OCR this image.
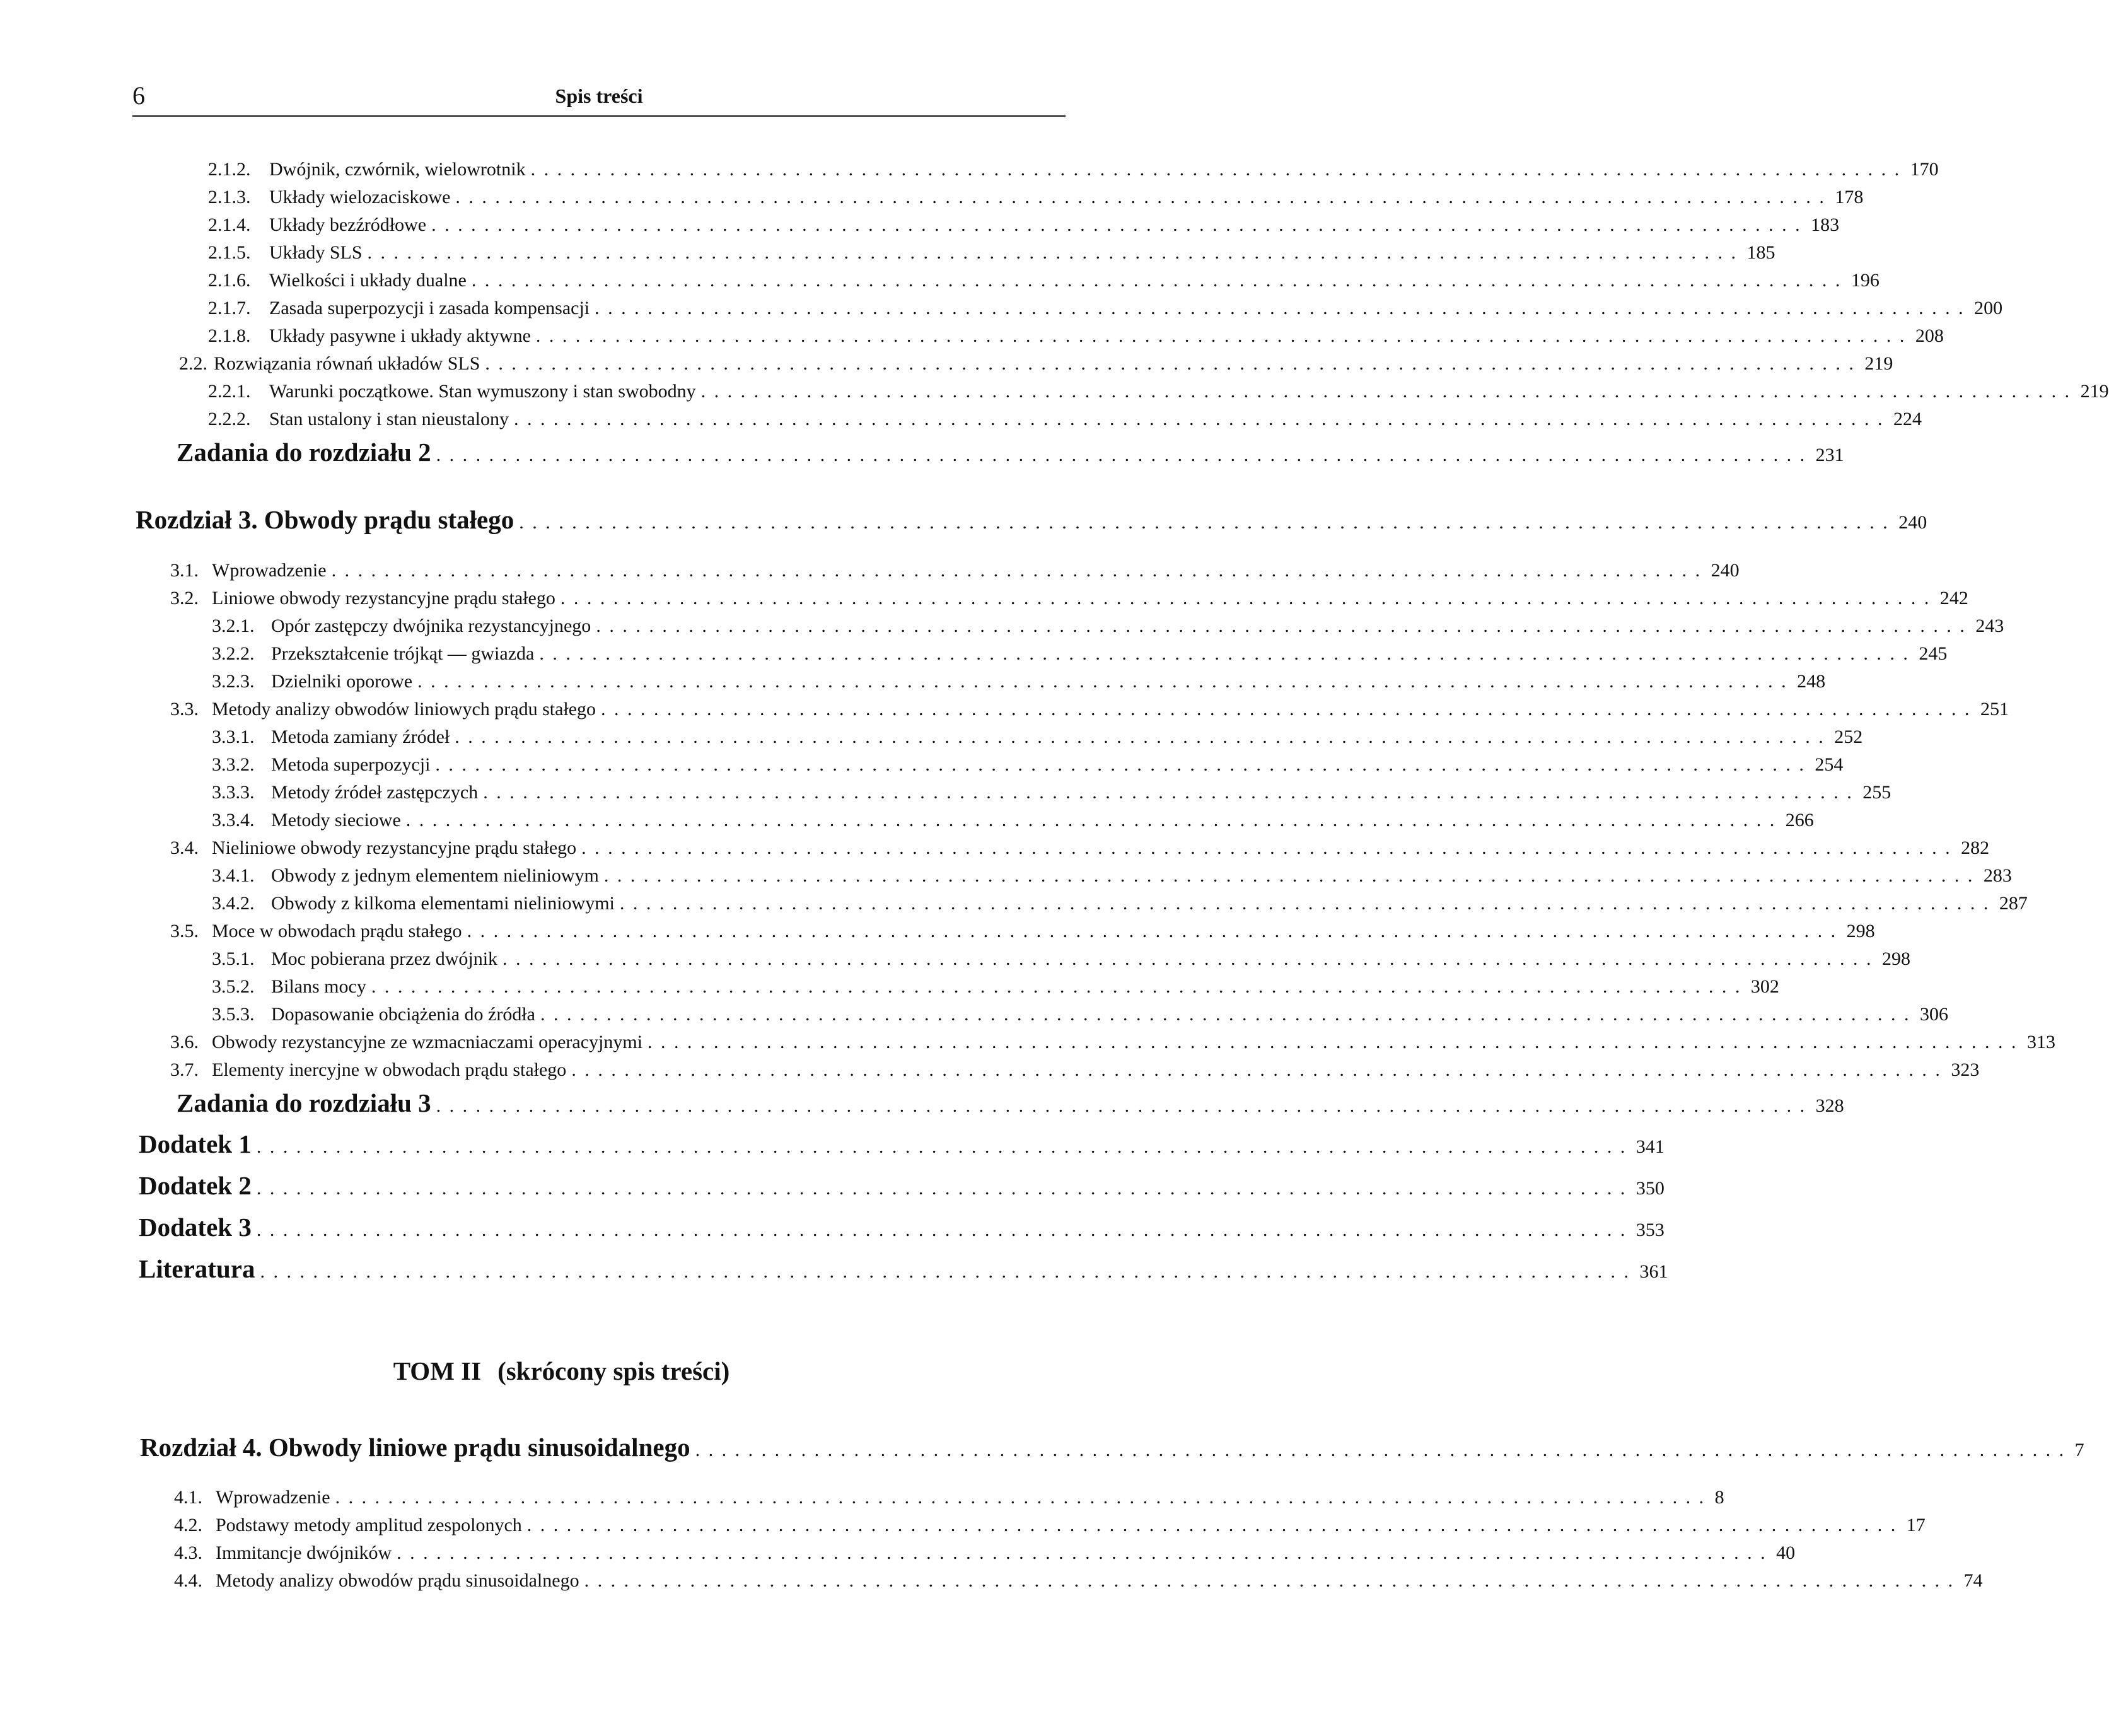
6	Spis treści
2.1.2. Dwójnik, czwórnik, wielowrotnik ........................................................................................................ 170
2.1.3. Układy wielozaciskowe ........................................................................................................ 178
2.1.4. Układy bezźródłowe ........................................................................................................ 183
2.1.5. Układy SLS ........................................................................................................ 185
2.1.6. Wielkości i układy dualne ........................................................................................................ 196
2.1.7. Zasada superpozycji i zasada kompensacji ........................................................................................................ 200
2.1.8. Układy pasywne i układy aktywne ........................................................................................................ 208
2.2. Rozwiązania równań układów SLS ........................................................................................................ 219
2.2.1. Warunki początkowe. Stan wymuszony i stan swobodny ........................................................................................................ 219
2.2.2. Stan ustalony i stan nieustalony ........................................................................................................ 224
Zadania do rozdziału 2 ........................................................................................................ 231
Rozdział 3. Obwody prądu stałego ........................................................................................................ 240
3.1. Wprowadzenie ........................................................................................................ 240
3.2. Liniowe obwody rezystancyjne prądu stałego ........................................................................................................ 242
3.2.1. Opór zastępczy dwójnika rezystancyjnego ........................................................................................................ 243
3.2.2. Przekształcenie trójkąt — gwiazda ........................................................................................................ 245
3.2.3. Dzielniki oporowe ........................................................................................................ 248
3.3. Metody analizy obwodów liniowych prądu stałego ........................................................................................................ 251
3.3.1. Metoda zamiany źródeł ........................................................................................................ 252
3.3.2. Metoda superpozycji ........................................................................................................ 254
3.3.3. Metody źródeł zastępczych ........................................................................................................ 255
3.3.4. Metody sieciowe ........................................................................................................ 266
3.4. Nieliniowe obwody rezystancyjne prądu stałego ........................................................................................................ 282
3.4.1. Obwody z jednym elementem nieliniowym ........................................................................................................ 283
3.4.2. Obwody z kilkoma elementami nieliniowymi ........................................................................................................ 287
3.5. Moce w obwodach prądu stałego ........................................................................................................ 298
3.5.1. Moc pobierana przez dwójnik ........................................................................................................ 298
3.5.2. Bilans mocy ........................................................................................................ 302
3.5.3. Dopasowanie obciążenia do źródła ........................................................................................................ 306
3.6. Obwody rezystancyjne ze wzmacniaczami operacyjnymi ........................................................................................................ 313
3.7. Elementy inercyjne w obwodach prądu stałego ........................................................................................................ 323
Zadania do rozdziału 3 ........................................................................................................ 328
Dodatek 1 ........................................................................................................ 341
Dodatek 2 ........................................................................................................ 350
Dodatek 3 ........................................................................................................ 353
Literatura ........................................................................................................ 361
TOM II (skrócony spis treści)
Rozdział 4. Obwody liniowe prądu sinusoidalnego ........................................................................................................ 7
4.1. Wprowadzenie ........................................................................................................ 8
4.2. Podstawy metody amplitud zespolonych ........................................................................................................ 17
4.3. Immitancje dwójników ........................................................................................................ 40
4.4. Metody analizy obwodów prądu sinusoidalnego ........................................................................................................ 74
